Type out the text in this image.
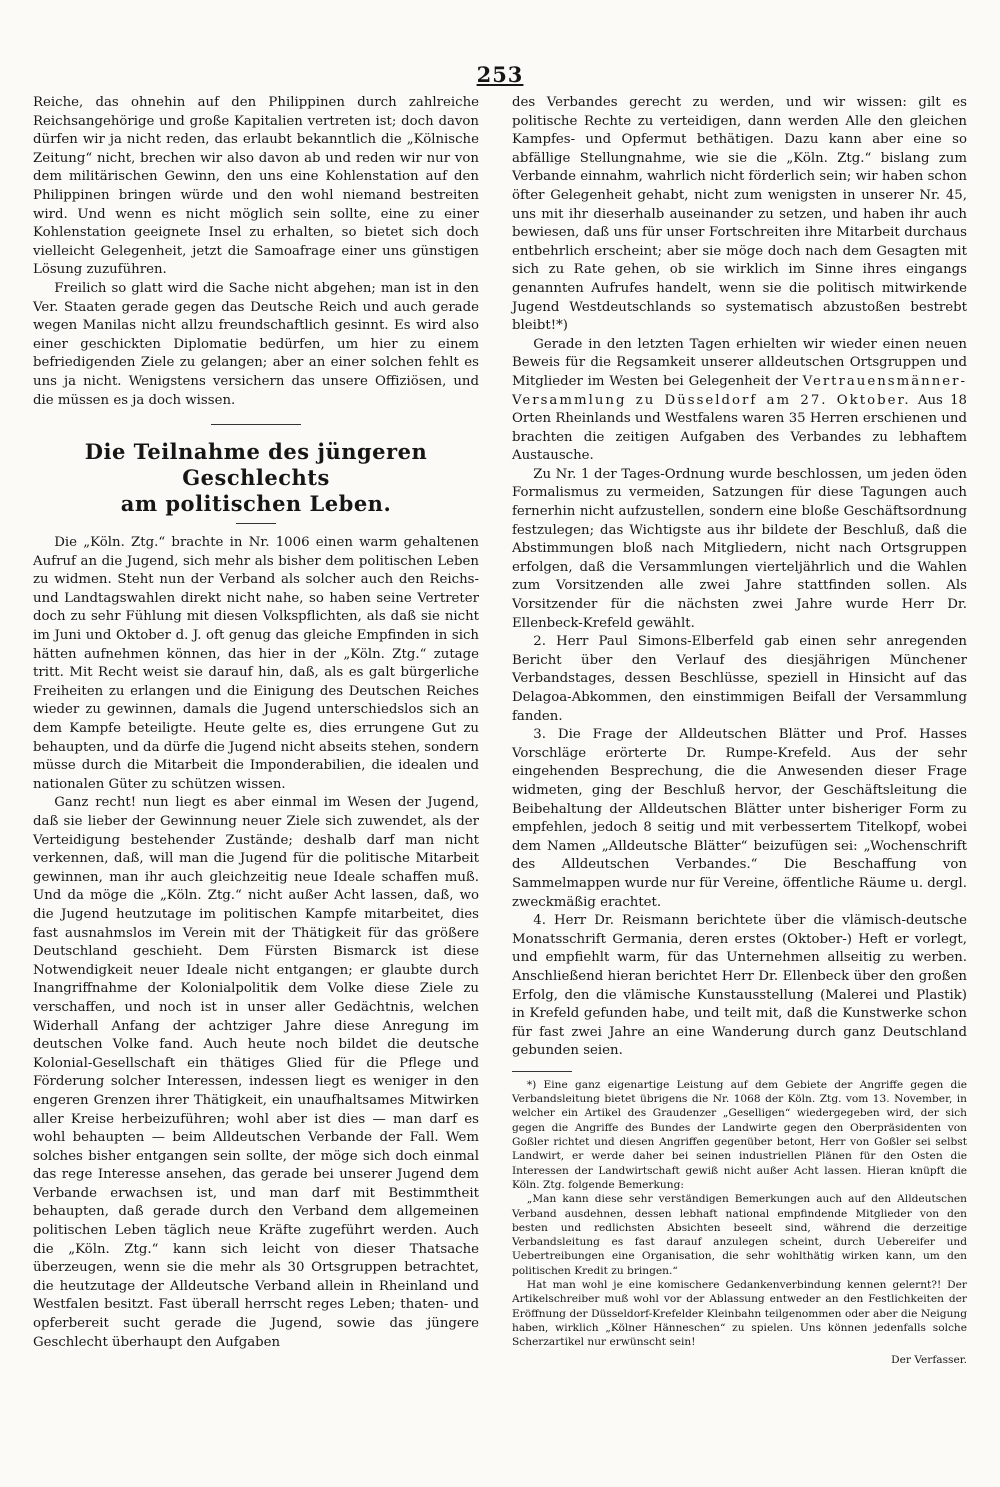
253

Reiche, das ohnehin auf den Philippinen durch zahlreiche Reichsangehörige und große Kapitalien vertreten ist; doch davon dürfen wir ja nicht reden, das erlaubt bekanntlich die „Kölnische Zeitung“ nicht, brechen wir also davon ab und reden wir nur von dem militärischen Gewinn, den uns eine Kohlenstation auf den Philippinen bringen würde und den wohl niemand bestreiten wird. Und wenn es nicht möglich sein sollte, eine zu einer Kohlenstation geeignete Insel zu erhalten, so bietet sich doch vielleicht Gelegenheit, jetzt die Samoafrage einer uns günstigen Lösung zuzuführen.

Freilich so glatt wird die Sache nicht abgehen; man ist in den Ver. Staaten gerade gegen das Deutsche Reich und auch gerade wegen Manilas nicht allzu freundschaftlich gesinnt. Es wird also einer geschickten Diplomatie bedürfen, um hier zu einem befriedigenden Ziele zu gelangen; aber an einer solchen fehlt es uns ja nicht. Wenigstens versichern das unsere Offiziösen, und die müssen es ja doch wissen.

Die Teilnahme des jüngeren Geschlechts
am politischen Leben.

Die „Köln. Ztg.“ brachte in Nr. 1006 einen warm gehaltenen Aufruf an die Jugend, sich mehr als bisher dem politischen Leben zu widmen. Steht nun der Verband als solcher auch den Reichs- und Landtagswahlen direkt nicht nahe, so haben seine Vertreter doch zu sehr Fühlung mit diesen Volkspflichten, als daß sie nicht im Juni und Oktober d. J. oft genug das gleiche Empfinden in sich hätten aufnehmen können, das hier in der „Köln. Ztg.“ zutage tritt. Mit Recht weist sie darauf hin, daß, als es galt bürgerliche Freiheiten zu erlangen und die Einigung des Deutschen Reiches wieder zu gewinnen, damals die Jugend unterschiedslos sich an dem Kampfe beteiligte. Heute gelte es, dies errungene Gut zu behaupten, und da dürfe die Jugend nicht abseits stehen, sondern müsse durch die Mitarbeit die Imponderabilien, die idealen und nationalen Güter zu schützen wissen.

Ganz recht! nun liegt es aber einmal im Wesen der Jugend, daß sie lieber der Gewinnung neuer Ziele sich zuwendet, als der Verteidigung bestehender Zustände; deshalb darf man nicht verkennen, daß, will man die Jugend für die politische Mitarbeit gewinnen, man ihr auch gleichzeitig neue Ideale schaffen muß. Und da möge die „Köln. Ztg.“ nicht außer Acht lassen, daß, wo die Jugend heutzutage im politischen Kampfe mitarbeitet, dies fast ausnahmslos im Verein mit der Thätigkeit für das größere Deutschland geschieht. Dem Fürsten Bismarck ist diese Notwendigkeit neuer Ideale nicht entgangen; er glaubte durch Inangriffnahme der Kolonialpolitik dem Volke diese Ziele zu verschaffen, und noch ist in unser aller Gedächtnis, welchen Widerhall Anfang der achtziger Jahre diese Anregung im deutschen Volke fand. Auch heute noch bildet die deutsche Kolonial-Gesellschaft ein thätiges Glied für die Pflege und Förderung solcher Interessen, indessen liegt es weniger in den engeren Grenzen ihrer Thätigkeit, ein unaufhaltsames Mitwirken aller Kreise herbeizuführen; wohl aber ist dies — man darf es wohl behaupten — beim Alldeutschen Verbande der Fall. Wem solches bisher entgangen sein sollte, der möge sich doch einmal das rege Interesse ansehen, das gerade bei unserer Jugend dem Verbande erwachsen ist, und man darf mit Bestimmtheit behaupten, daß gerade durch den Verband dem allgemeinen politischen Leben täglich neue Kräfte zugeführt werden. Auch die „Köln. Ztg.“ kann sich leicht von dieser Thatsache überzeugen, wenn sie die mehr als 30 Ortsgruppen betrachtet, die heutzutage der Alldeutsche Verband allein in Rheinland und Westfalen besitzt. Fast überall herrscht reges Leben; thaten- und opferbereit sucht gerade die Jugend, sowie das jüngere Geschlecht überhaupt den Aufgaben

des Verbandes gerecht zu werden, und wir wissen: gilt es politische Rechte zu verteidigen, dann werden Alle den gleichen Kampfes- und Opfermut bethätigen. Dazu kann aber eine so abfällige Stellungnahme, wie sie die „Köln. Ztg.“ bislang zum Verbande einnahm, wahrlich nicht förderlich sein; wir haben schon öfter Gelegenheit gehabt, nicht zum wenigsten in unserer Nr. 45, uns mit ihr dieserhalb auseinander zu setzen, und haben ihr auch bewiesen, daß uns für unser Fortschreiten ihre Mitarbeit durchaus entbehrlich erscheint; aber sie möge doch nach dem Gesagten mit sich zu Rate gehen, ob sie wirklich im Sinne ihres eingangs genannten Aufrufes handelt, wenn sie die politisch mitwirkende Jugend Westdeutschlands so systematisch abzustoßen bestrebt bleibt!*)

Gerade in den letzten Tagen erhielten wir wieder einen neuen Beweis für die Regsamkeit unserer alldeutschen Ortsgruppen und Mitglieder im Westen bei Gelegenheit der Vertrauensmänner-Versammlung zu Düsseldorf am 27. Oktober. Aus 18 Orten Rheinlands und Westfalens waren 35 Herren erschienen und brachten die zeitigen Aufgaben des Verbandes zu lebhaftem Austausche.

Zu Nr. 1 der Tages-Ordnung wurde beschlossen, um jeden öden Formalismus zu vermeiden, Satzungen für diese Tagungen auch fernerhin nicht aufzustellen, sondern eine bloße Geschäftsordnung festzulegen; das Wichtigste aus ihr bildete der Beschluß, daß die Abstimmungen bloß nach Mitgliedern, nicht nach Ortsgruppen erfolgen, daß die Versammlungen vierteljährlich und die Wahlen zum Vorsitzenden alle zwei Jahre stattfinden sollen. Als Vorsitzender für die nächsten zwei Jahre wurde Herr Dr. Ellenbeck-Krefeld gewählt.

2. Herr Paul Simons-Elberfeld gab einen sehr anregenden Bericht über den Verlauf des diesjährigen Münchener Verbandstages, dessen Beschlüsse, speziell in Hinsicht auf das Delagoa-Abkommen, den einstimmigen Beifall der Versammlung fanden.

3. Die Frage der Alldeutschen Blätter und Prof. Hasses Vorschläge erörterte Dr. Rumpe-Krefeld. Aus der sehr eingehenden Besprechung, die die Anwesenden dieser Frage widmeten, ging der Beschluß hervor, der Geschäftsleitung die Beibehaltung der Alldeutschen Blätter unter bisheriger Form zu empfehlen, jedoch 8 seitig und mit verbessertem Titelkopf, wobei dem Namen „Alldeutsche Blätter“ beizufügen sei: „Wochenschrift des Alldeutschen Verbandes.“ Die Beschaffung von Sammelmappen wurde nur für Vereine, öffentliche Räume u. dergl. zweckmäßig erachtet.

4. Herr Dr. Reismann berichtete über die vlämisch-deutsche Monatsschrift Germania, deren erstes (Oktober-) Heft er vorlegt, und empfiehlt warm, für das Unternehmen allseitig zu werben. Anschließend hieran berichtet Herr Dr. Ellenbeck über den großen Erfolg, den die vlämische Kunstausstellung (Malerei und Plastik) in Krefeld gefunden habe, und teilt mit, daß die Kunstwerke schon für fast zwei Jahre an eine Wanderung durch ganz Deutschland gebunden seien.

*) Eine ganz eigenartige Leistung auf dem Gebiete der Angriffe gegen die Verbandsleitung bietet übrigens die Nr. 1068 der Köln. Ztg. vom 13. November, in welcher ein Artikel des Graudenzer „Geselligen“ wiedergegeben wird, der sich gegen die Angriffe des Bundes der Landwirte gegen den Oberpräsidenten von Goßler richtet und diesen Angriffen gegenüber betont, Herr von Goßler sei selbst Landwirt, er werde daher bei seinen industriellen Plänen für den Osten die Interessen der Landwirtschaft gewiß nicht außer Acht lassen. Hieran knüpft die Köln. Ztg. folgende Bemerkung:

„Man kann diese sehr verständigen Bemerkungen auch auf den Alldeutschen Verband ausdehnen, dessen lebhaft national empfindende Mitglieder von den besten und redlichsten Absichten beseelt sind, während die derzeitige Verbandsleitung es fast darauf anzulegen scheint, durch Uebereifer und Uebertreibungen eine Organisation, die sehr wohlthätig wirken kann, um den politischen Kredit zu bringen.“

Hat man wohl je eine komischere Gedankenverbindung kennen gelernt?! Der Artikelschreiber muß wohl vor der Ablassung entweder an den Festlichkeiten der Eröffnung der Düsseldorf-Krefelder Kleinbahn teilgenommen oder aber die Neigung haben, wirklich „Kölner Hänneschen“ zu spielen. Uns können jedenfalls solche Scherzartikel nur erwünscht sein!

Der Verfasser.
